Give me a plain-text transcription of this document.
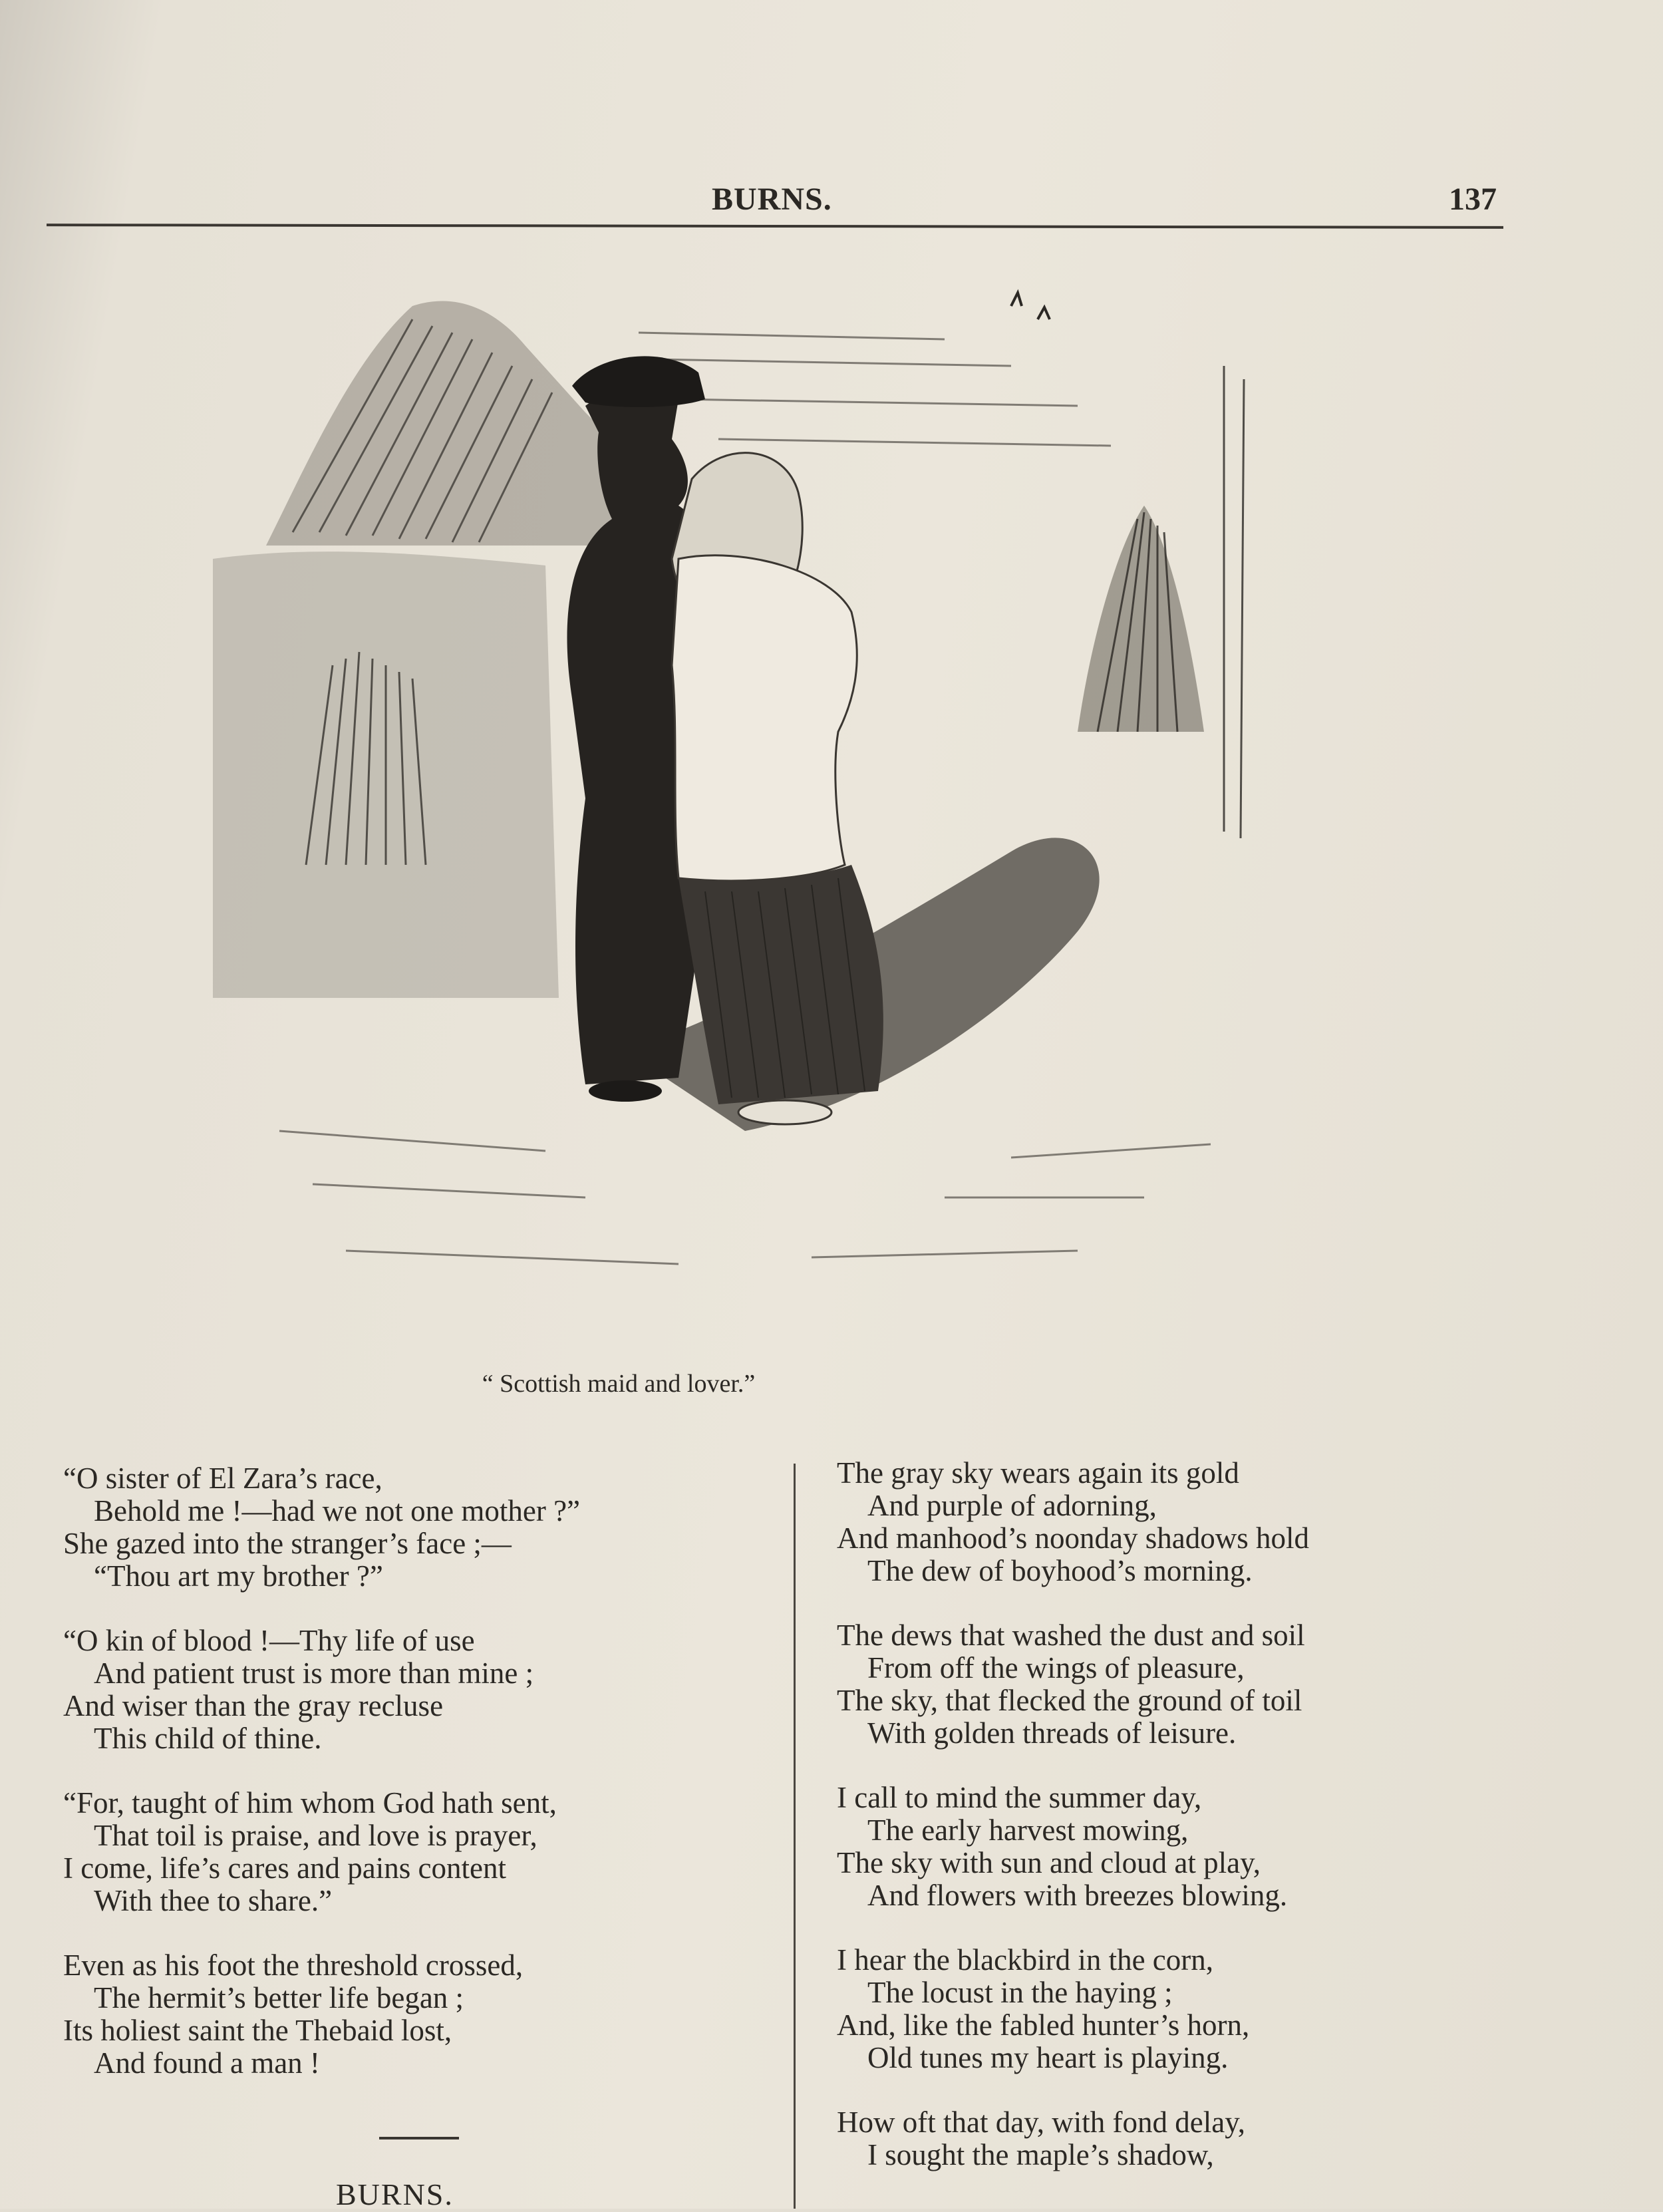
BURNS.	137
“ Scottish maid and lover.”
“O sister of El Zara’s race,
Behold me !—had we not one mother ?”
She gazed into the stranger’s face ;—
“Thou art my brother ?”
“O kin of blood !—Thy life of use
And patient trust is more than mine ;
And wiser than the gray recluse
This child of thine.
“For, taught of him whom God hath sent,
That toil is praise, and love is prayer,
I come, life’s cares and pains content
With thee to share.”
Even as his foot the threshold crossed,
The hermit’s better life began ;
Its holiest saint the Thebaid lost,
And found a man !
BURNS.
The gray sky wears again its gold
And purple of adorning,
And manhood’s noonday shadows hold
The dew of boyhood’s morning.
The dews that washed the dust and soil
From off the wings of pleasure,
The sky, that flecked the ground of toil
With golden threads of leisure.
I call to mind the summer day,
The early harvest mowing,
The sky with sun and cloud at play,
And flowers with breezes blowing.
I hear the blackbird in the corn,
The locust in the haying ;
And, like the fabled hunter’s horn,
Old tunes my heart is playing.
How oft that day, with fond delay,
I sought the maple’s shadow,
